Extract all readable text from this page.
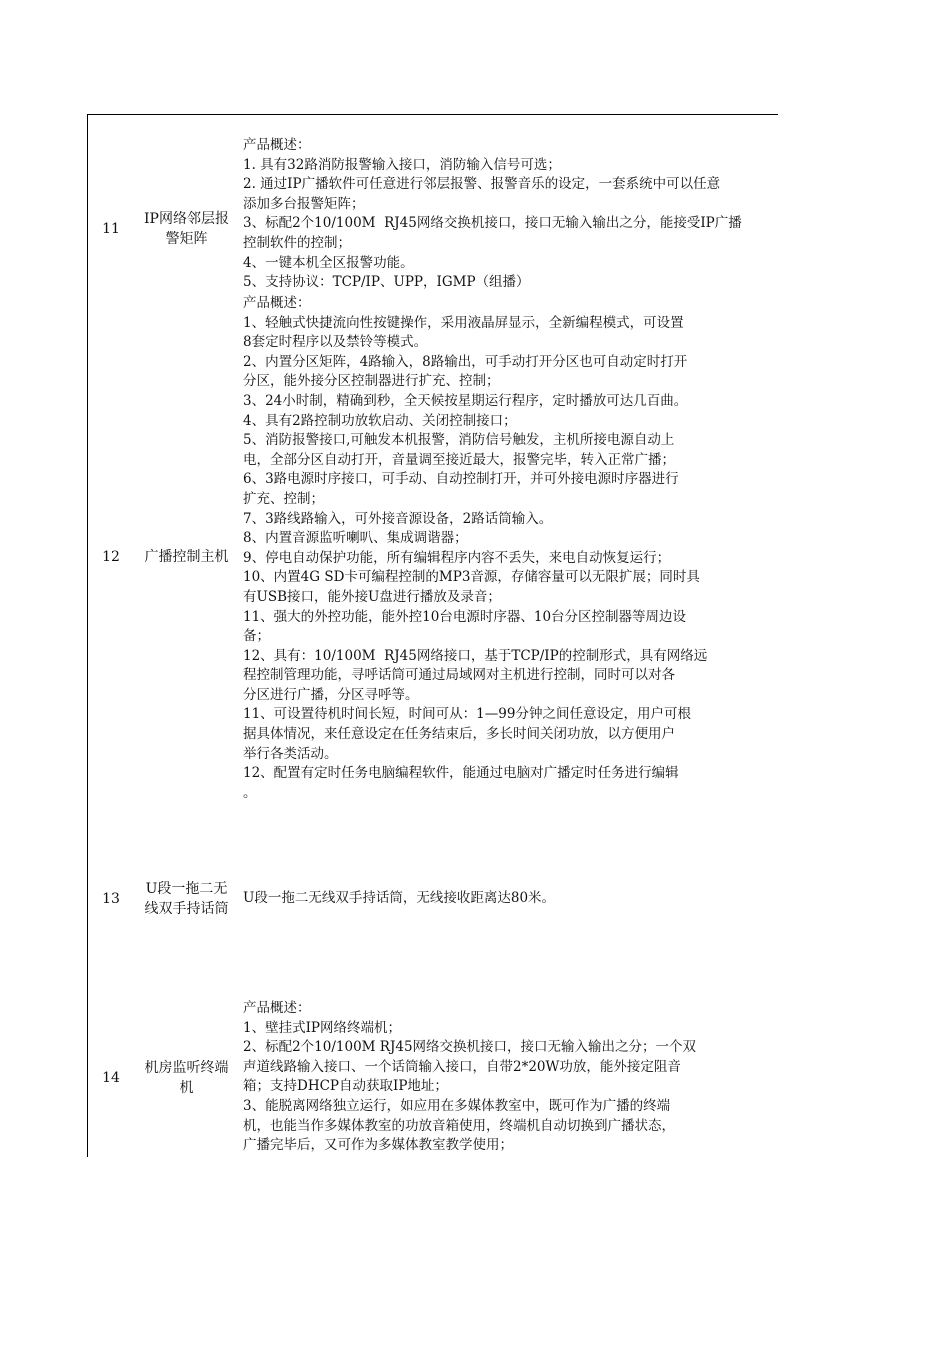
11
IP网络邻层报
警矩阵
产品概述：
1. 具有32路消防报警输入接口，消防输入信号可选；
2. 通过IP广播软件可任意进行邻层报警、报警音乐的设定，一套系统中可以任意
添加多台报警矩阵；
3、标配2个10/100M  RJ45网络交换机接口，接口无输入输出之分，能接受IP广播
控制软件的控制；
4、一键本机全区报警功能。
5、支持协议：TCP/IP、UPP，IGMP（组播）
12 广播控制主机
产品概述：
1、轻触式快捷流向性按键操作，采用液晶屏显示，全新编程模式，可设置
8套定时程序以及禁铃等模式。
2、内置分区矩阵，4路输入，8路输出，可手动打开分区也可自动定时打开
分区，能外接分区控制器进行扩充、控制；
3、24小时制，精确到秒，全天候按星期运行程序，定时播放可达几百曲。
4、具有2路控制功放软启动、关闭控制接口；
5、消防报警接口,可触发本机报警，消防信号触发，主机所接电源自动上
电，全部分区自动打开，音量调至接近最大，报警完毕，转入正常广播；
6、3路电源时序接口，可手动、自动控制打开，并可外接电源时序器进行
扩充、控制；
7、3路线路输入，可外接音源设备，2路话筒输入。
8、内置音源监听喇叭、集成调谐器；
9、停电自动保护功能，所有编辑程序内容不丢失，来电自动恢复运行；
10、内置4G SD卡可编程控制的MP3音源，存储容量可以无限扩展；同时具
有USB接口，能外接U盘进行播放及录音；
11、强大的外控功能，能外控10台电源时序器、10台分区控制器等周边设
备；
12、具有：10/100M  RJ45网络接口，基于TCP/IP的控制形式，具有网络远
程控制管理功能，寻呼话筒可通过局域网对主机进行控制，同时可以对各
分区进行广播，分区寻呼等。
11、可设置待机时间长短，时间可从：1—99分钟之间任意设定，用户可根
据具体情况，来任意设定在任务结束后，多长时间关闭功放，以方便用户
举行各类活动。
12、配置有定时任务电脑编程软件，能通过电脑对广播定时任务进行编辑
。
13
U段一拖二无
线双手持话筒
U段一拖二无线双手持话筒，无线接收距离达80米。
14
机房监听终端
机
产品概述：
1、壁挂式IP网络终端机；
2、标配2个10/100M RJ45网络交换机接口，接口无输入输出之分；一个双
声道线路输入接口、一个话筒输入接口，自带2*20W功放，能外接定阻音
箱；支持DHCP自动获取IP地址；
3、能脱离网络独立运行，如应用在多媒体教室中，既可作为广播的终端
机，也能当作多媒体教室的功放音箱使用，终端机自动切换到广播状态，
广播完毕后，又可作为多媒体教室教学使用；
